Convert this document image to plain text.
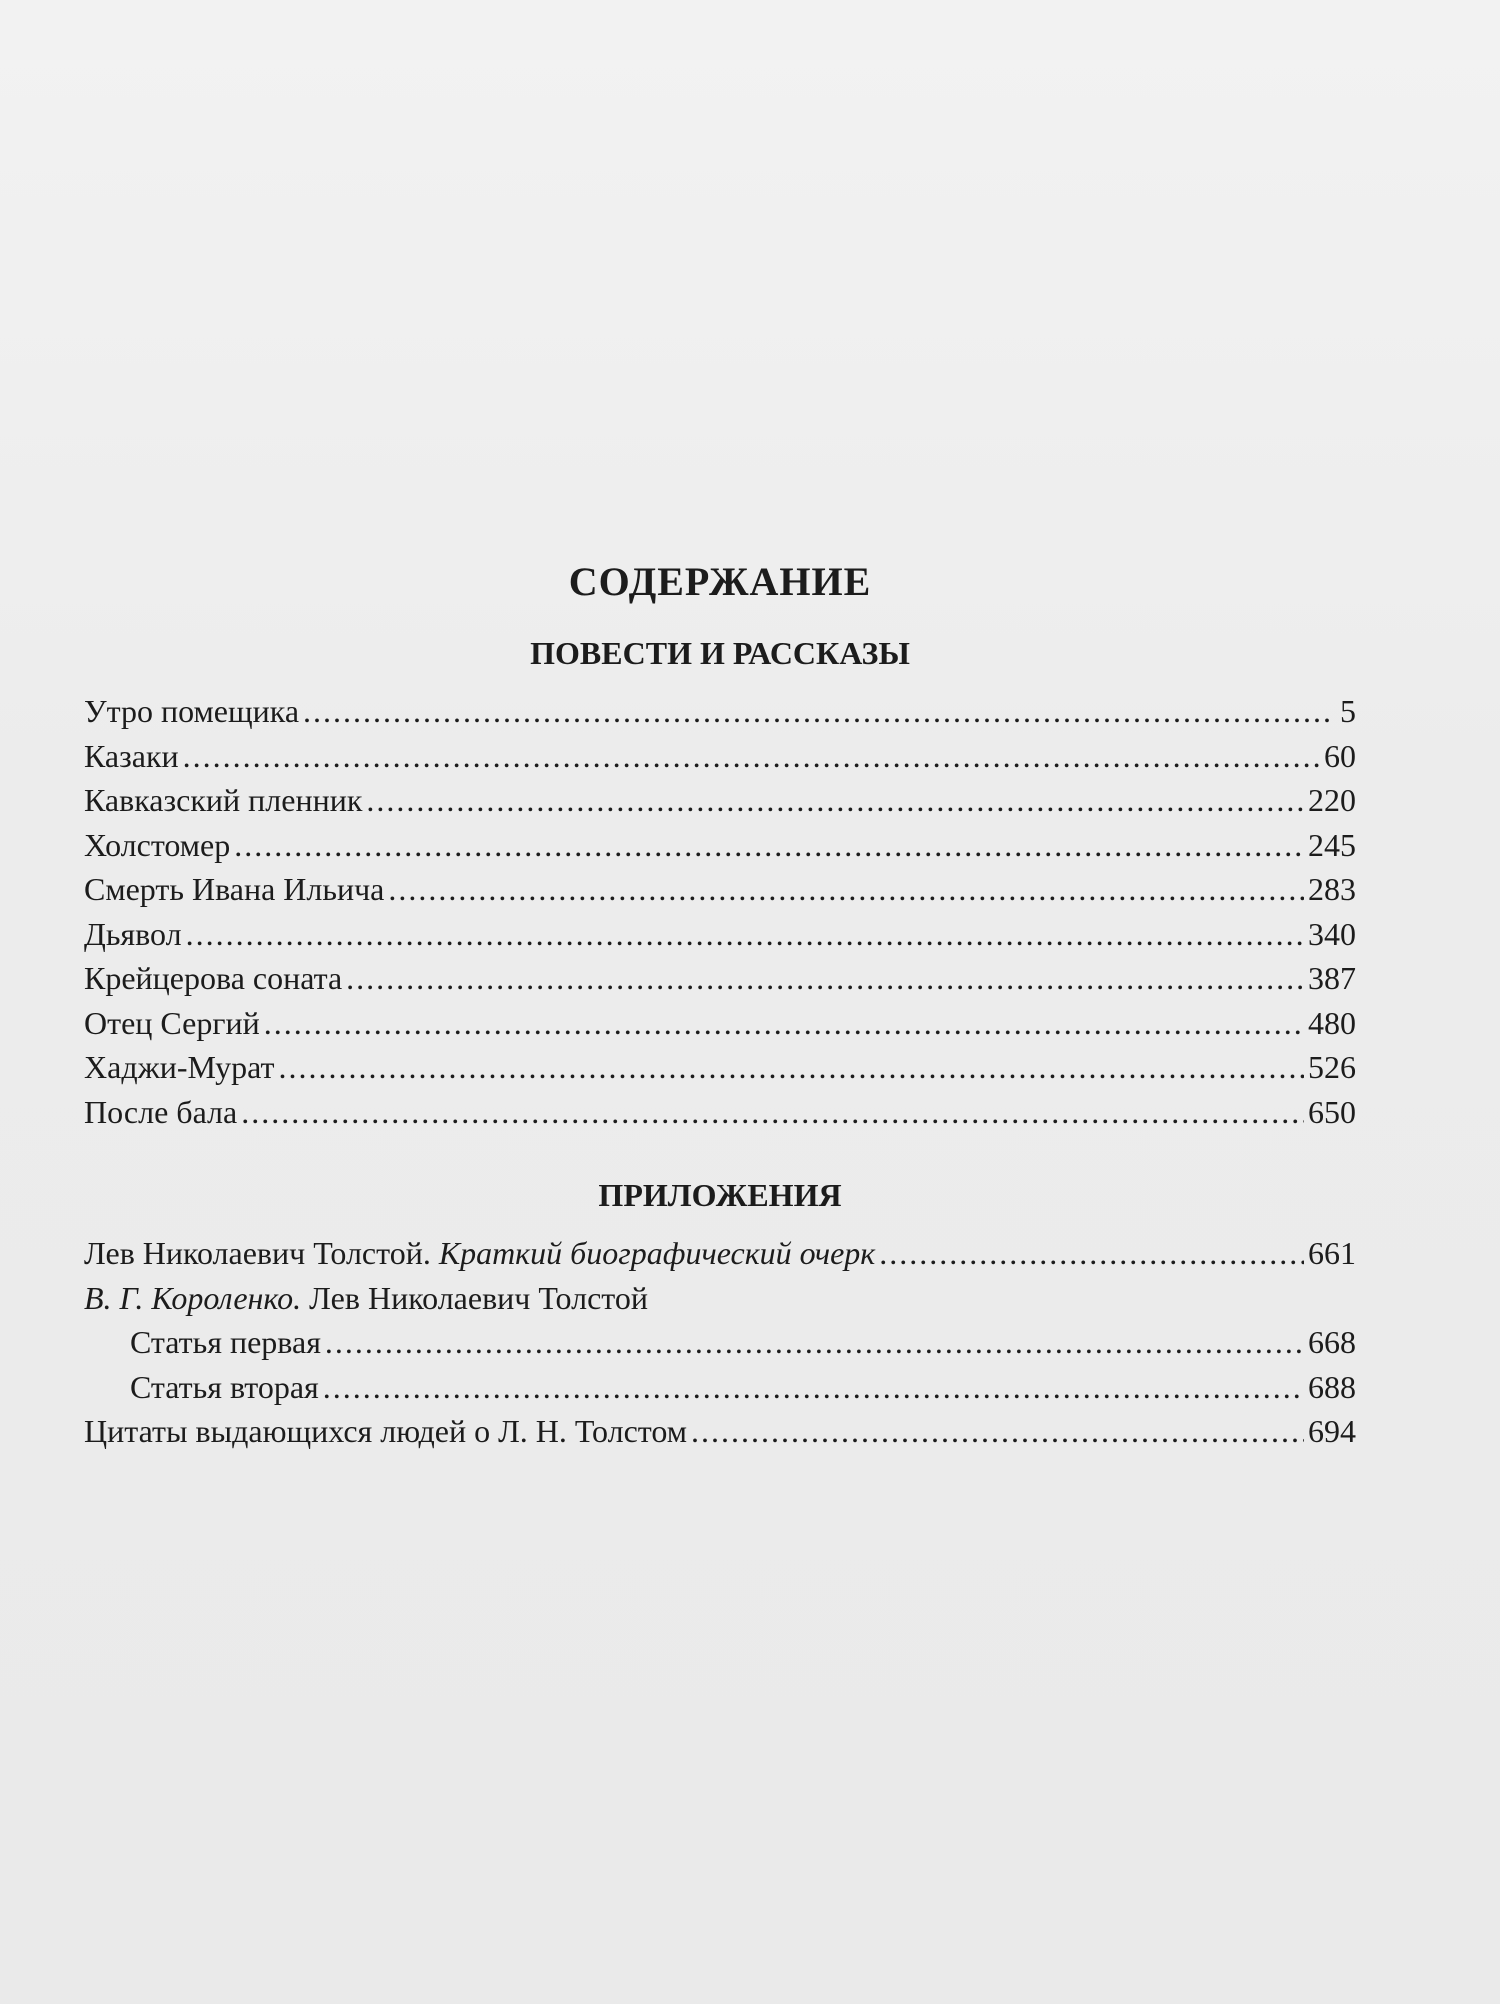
СОДЕРЖАНИЕ
ПОВЕСТИ И РАССКАЗЫ
Утро помещика .....	5
Казаки .....	60
Кавказский пленник .....	220
Холстомер .....	245
Смерть Ивана Ильича .....	283
Дьявол .....	340
Крейцерова соната .....	387
Отец Сергий .....	480
Хаджи-Мурат .....	526
После бала .....	650
ПРИЛОЖЕНИЯ
Лев Николаевич Толстой. Краткий биографический очерк .....	661
В. Г. Короленко. Лев Николаевич Толстой
Статья первая .....	668
Статья вторая .....	688
Цитаты выдающихся людей о Л. Н. Толстом .....	694
